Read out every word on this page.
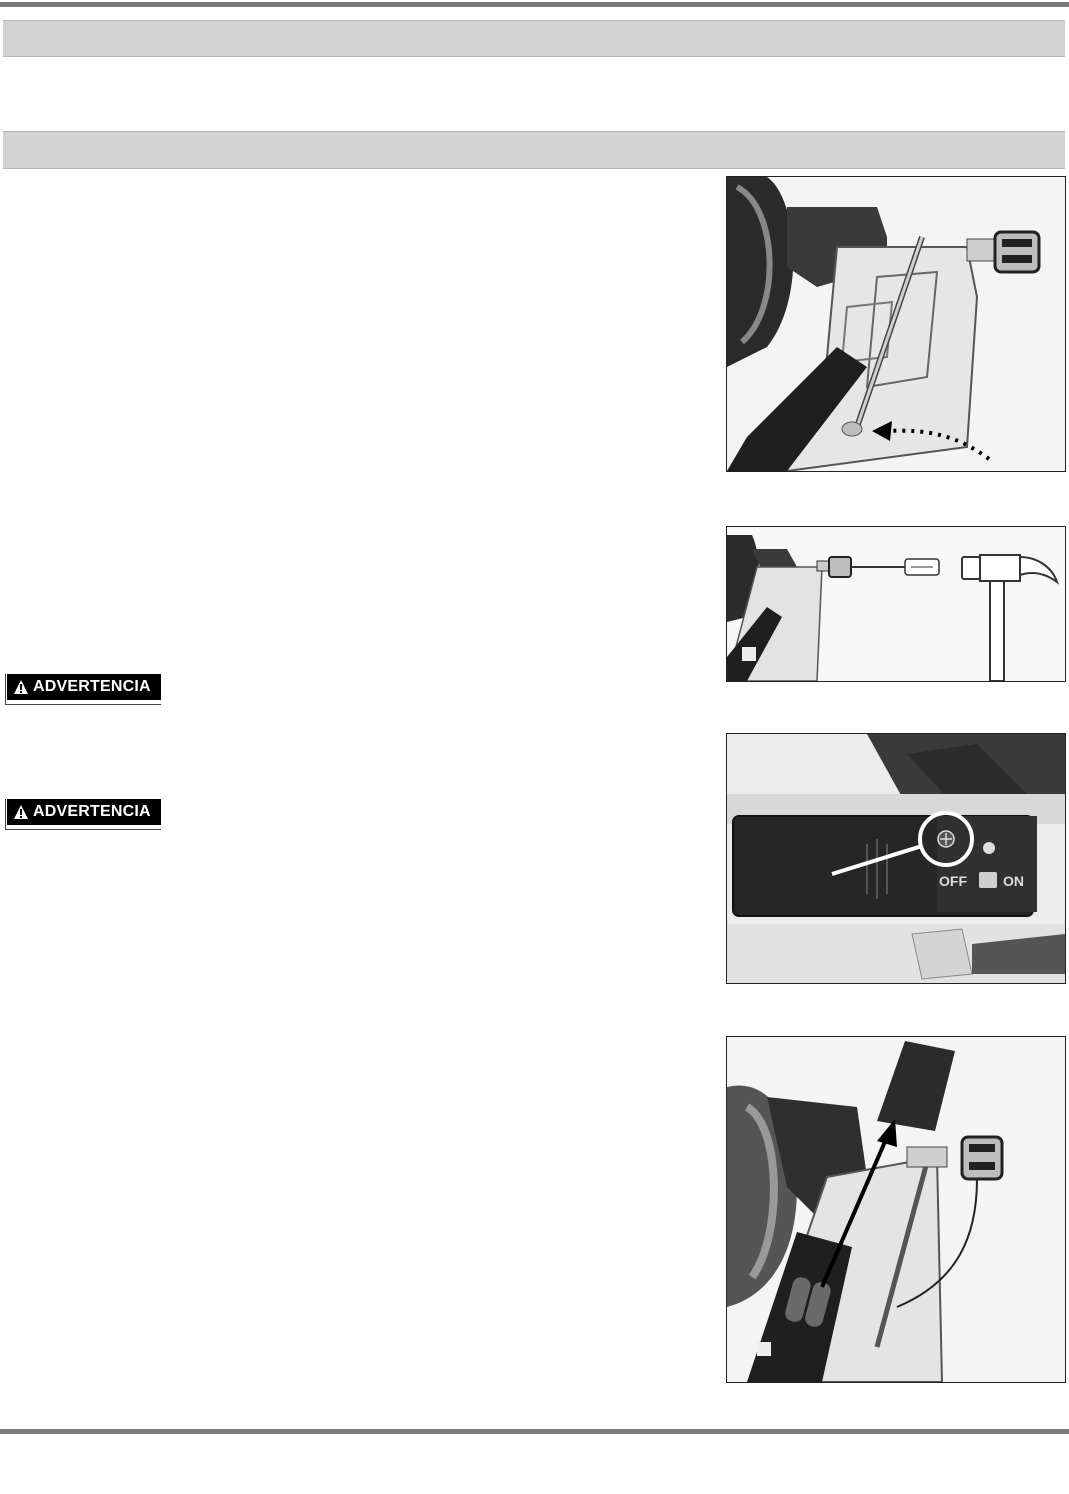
ADVERTENCIA
OFF	ON
ADVERTENCIA
